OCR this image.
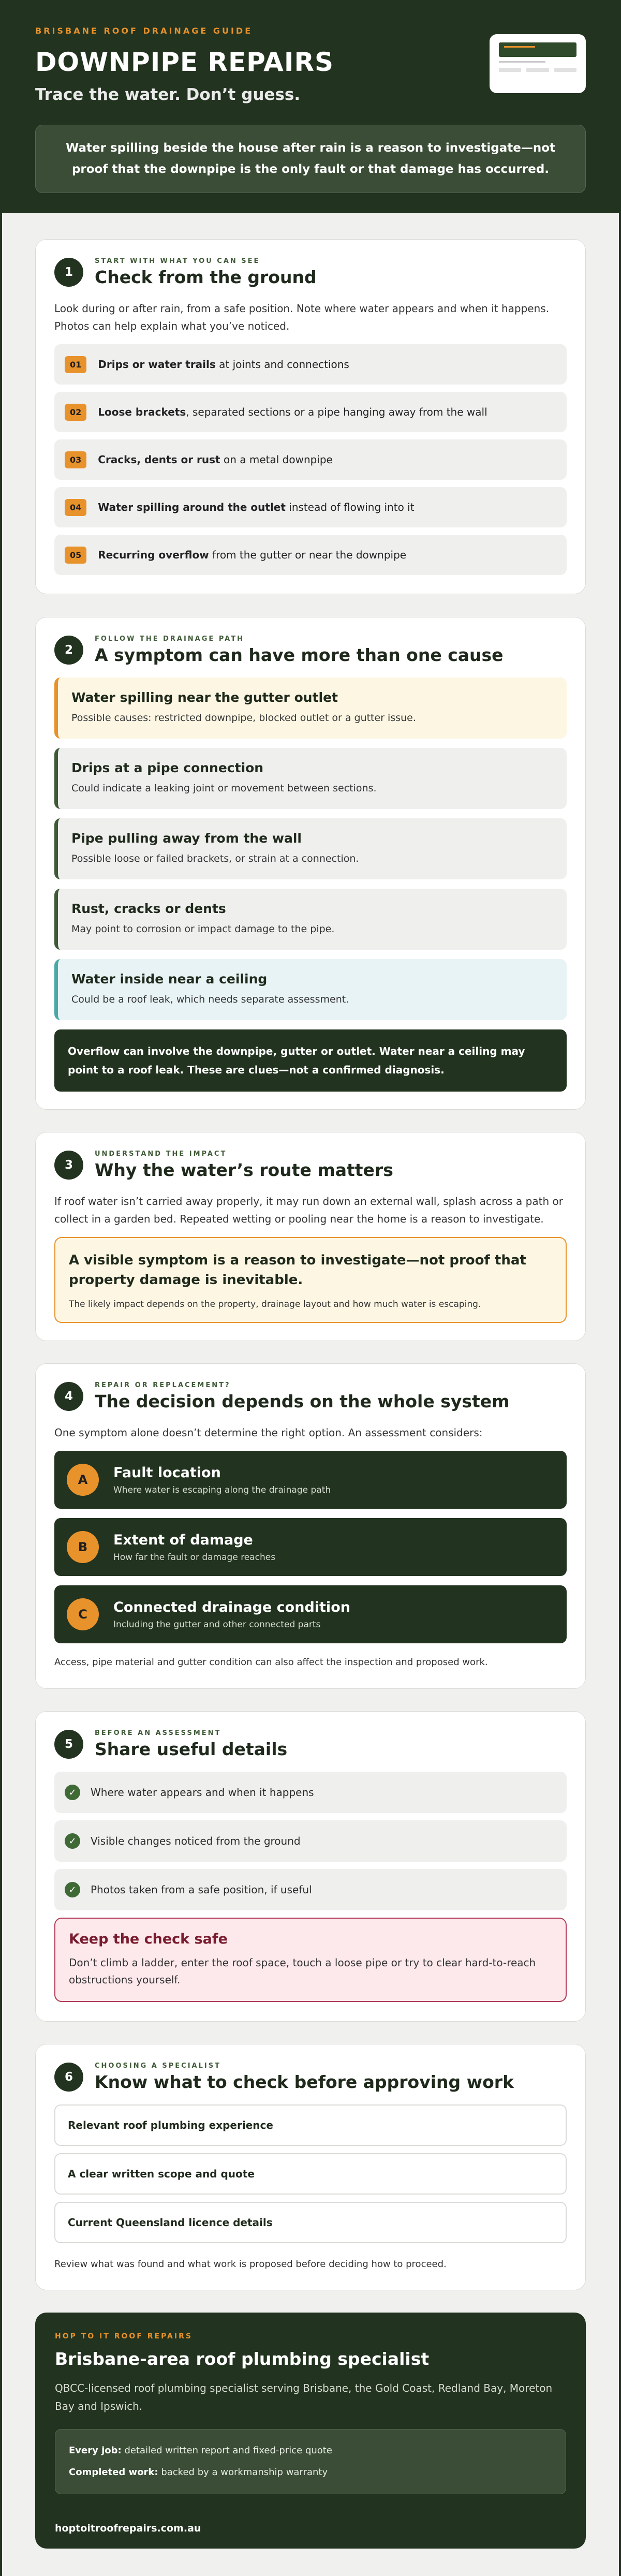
BRISBANE ROOF DRAINAGE GUIDE
DOWNPIPE REPAIRS
Trace the water. Don’t guess.
Water spilling beside the house after rain is a reason to investigate—not proof that the downpipe is the only fault or that damage has occurred.
1
START WITH WHAT YOU CAN SEE
Check from the ground

Look during or after rain, from a safe position. Note where water appears and when it happens. Photos can help explain what you’ve noticed.

01	Drips or water trails at joints and connections
02	Loose brackets, separated sections or a pipe hanging away from the wall
03	Cracks, dents or rust on a metal downpipe
04	Water spilling around the outlet instead of flowing into it
05	Recurring overflow from the gutter or near the downpipe
2
FOLLOW THE DRAINAGE PATH
A symptom can have more than one cause
Water spilling near the gutter outlet

Possible causes: restricted downpipe, blocked outlet or a gutter issue.

Drips at a pipe connection

Could indicate a leaking joint or movement between sections.

Pipe pulling away from the wall

Possible loose or failed brackets, or strain at a connection.

Rust, cracks or dents

May point to corrosion or impact damage to the pipe.

Water inside near a ceiling

Could be a roof leak, which needs separate assessment.

Overflow can involve the downpipe, gutter or outlet. Water near a ceiling may point to a roof leak. These are clues—not a confirmed diagnosis.
3
UNDERSTAND THE IMPACT
Why the water’s route matters

If roof water isn’t carried away properly, it may run down an external wall, splash across a path or collect in a garden bed. Repeated wetting or pooling near the home is a reason to investigate.

A visible symptom is a reason to investigate—not proof that property damage is inevitable.

The likely impact depends on the property, drainage layout and how much water is escaping.

4
REPAIR OR REPLACEMENT?
The decision depends on the whole system

One symptom alone doesn’t determine the right option. An assessment considers:

A	Fault location

Where water is escaping along the drainage path

B	Extent of damage

How far the fault or damage reaches

C	Connected drainage condition

Including the gutter and other connected parts

Access, pipe material and gutter condition can also affect the inspection and proposed work.

5
BEFORE AN ASSESSMENT
Share useful details
✓	Where water appears and when it happens
✓	Visible changes noticed from the ground
✓	Photos taken from a safe position, if useful
Keep the check safe

Don’t climb a ladder, enter the roof space, touch a loose pipe or try to clear hard-to-reach obstructions yourself.

6
CHOOSING A SPECIALIST
Know what to check before approving work
Relevant roof plumbing experience
A clear written scope and quote
Current Queensland licence details

Review what was found and what work is proposed before deciding how to proceed.

HOP TO IT ROOF REPAIRS
Brisbane-area roof plumbing specialist

QBCC-licensed roof plumbing specialist serving Brisbane, the Gold Coast, Redland Bay, Moreton Bay and Ipswich.

Every job: detailed written report and fixed-price quote

Completed work: backed by a workmanship warranty

hoptoitroofrepairs.com.au
